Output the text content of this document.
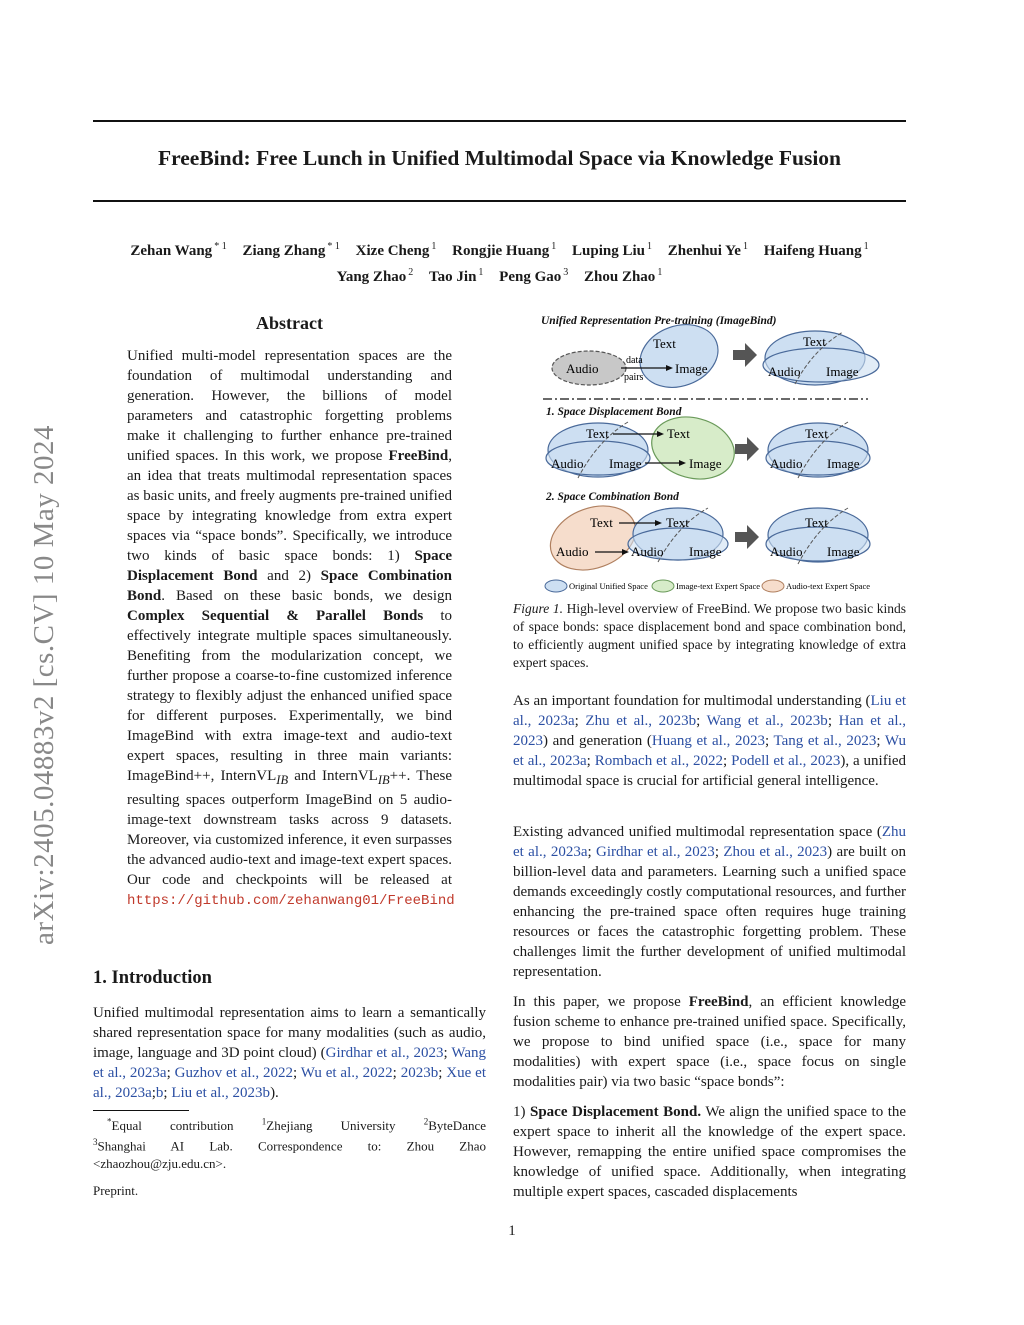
FreeBind: Free Lunch in Unified Multimodal Space via Knowledge Fusion
Zehan Wang $^{* 1}$ Ziang Zhang $^{* 1}$ Xize Cheng $^1$ Rongjie Huang $^1$ Luping Liu $^1$ Zhenhui Ye $^1$ Haifeng Huang $^1$
Yang Zhao $^2$ Tao Jin $^1$ Peng Gao $^3$ Zhou Zhao $^1$
arXiv:2405.04883v2 [cs.CV] 10 May 2024
Abstract
Unified multi-model representation spaces are the foundation of multimodal understanding and generation. However, the billions of model parameters and catastrophic forgetting problems make it challenging to further enhance pre-trained unified spaces. In this work, we propose FreeBind, an idea that treats multimodal representation spaces as basic units, and freely augments pre-trained unified space by integrating knowledge from extra expert spaces via “space bonds”. Specifically, we introduce two kinds of basic space bonds: 1) Space Displacement Bond and 2) Space Combination Bond. Based on these basic bonds, we design Complex Sequential & Parallel Bonds to effectively integrate multiple spaces simultaneously. Benefiting from the modularization concept, we further propose a coarse-to-fine customized inference strategy to flexibly adjust the enhanced unified space for different purposes. Experimentally, we bind ImageBind with extra image-text and audio-text expert spaces, resulting in three main variants: ImageBind++, InternVL$_{IB}$ and InternVL$_{IB}$++. These resulting spaces outperform ImageBind on 5 audio-image-text downstream tasks across 9 datasets. Moreover, via customized inference, it even surpasses the advanced audio-text and image-text expert spaces. Our code and checkpoints will be released at https://github.com/zehanwang01/FreeBind
1. Introduction
Unified multimodal representation aims to learn a semantically shared representation space for many modalities (such as audio, image, language and 3D point cloud) (Girdhar et al., 2023; Wang et al., 2023a; Guzhov et al., 2022; Wu et al., 2022; 2023b; Xue et al., 2023a;b; Liu et al., 2023b).
*Equal contribution	$^1$Zhejiang University	$^2$ByteDance
$^3$Shanghai AI Lab. Correspondence to: Zhou Zhao <zhaozhou@zju.edu.cn>.
Preprint.
Unified Representation Pre-training (ImageBind)
Audio
Text
Image
data
pairs
Text
Audio Image
1. Space Displacement Bond
Text
Audio Image
Text
Image
Text
Audio Image
2. Space Combination Bond
Text
Audio
Text
Audio Image
Text
Audio Image
Original Unified Space	Image-text Expert Space	Audio-text Expert Space
Figure 1. High-level overview of FreeBind. We propose two basic kinds of space bonds: space displacement bond and space combination bond, to efficiently augment unified space by integrating knowledge of extra expert spaces.
As an important foundation for multimodal understanding (Liu et al., 2023a; Zhu et al., 2023b; Wang et al., 2023b; Han et al., 2023) and generation (Huang et al., 2023; Tang et al., 2023; Wu et al., 2023a; Rombach et al., 2022; Podell et al., 2023), a unified multimodal space is crucial for artificial general intelligence.
Existing advanced unified multimodal representation space (Zhu et al., 2023a; Girdhar et al., 2023; Zhou et al., 2023) are built on billion-level data and parameters. Learning such a unified space demands exceedingly costly computational resources, and further enhancing the pre-trained space often requires huge training resources or faces the catastrophic forgetting problem. These challenges limit the further development of unified multimodal representation.
In this paper, we propose FreeBind, an efficient knowledge fusion scheme to enhance pre-trained unified space. Specifically, we propose to bind unified space (i.e., space for many modalities) with expert space (i.e., space focus on single modalities pair) via two basic “space bonds”:
1) Space Displacement Bond. We align the unified space to the expert space to inherit all the knowledge of the expert space. However, remapping the entire unified space compromises the knowledge of unified space. Additionally, when integrating multiple expert spaces, cascaded displacements
1
